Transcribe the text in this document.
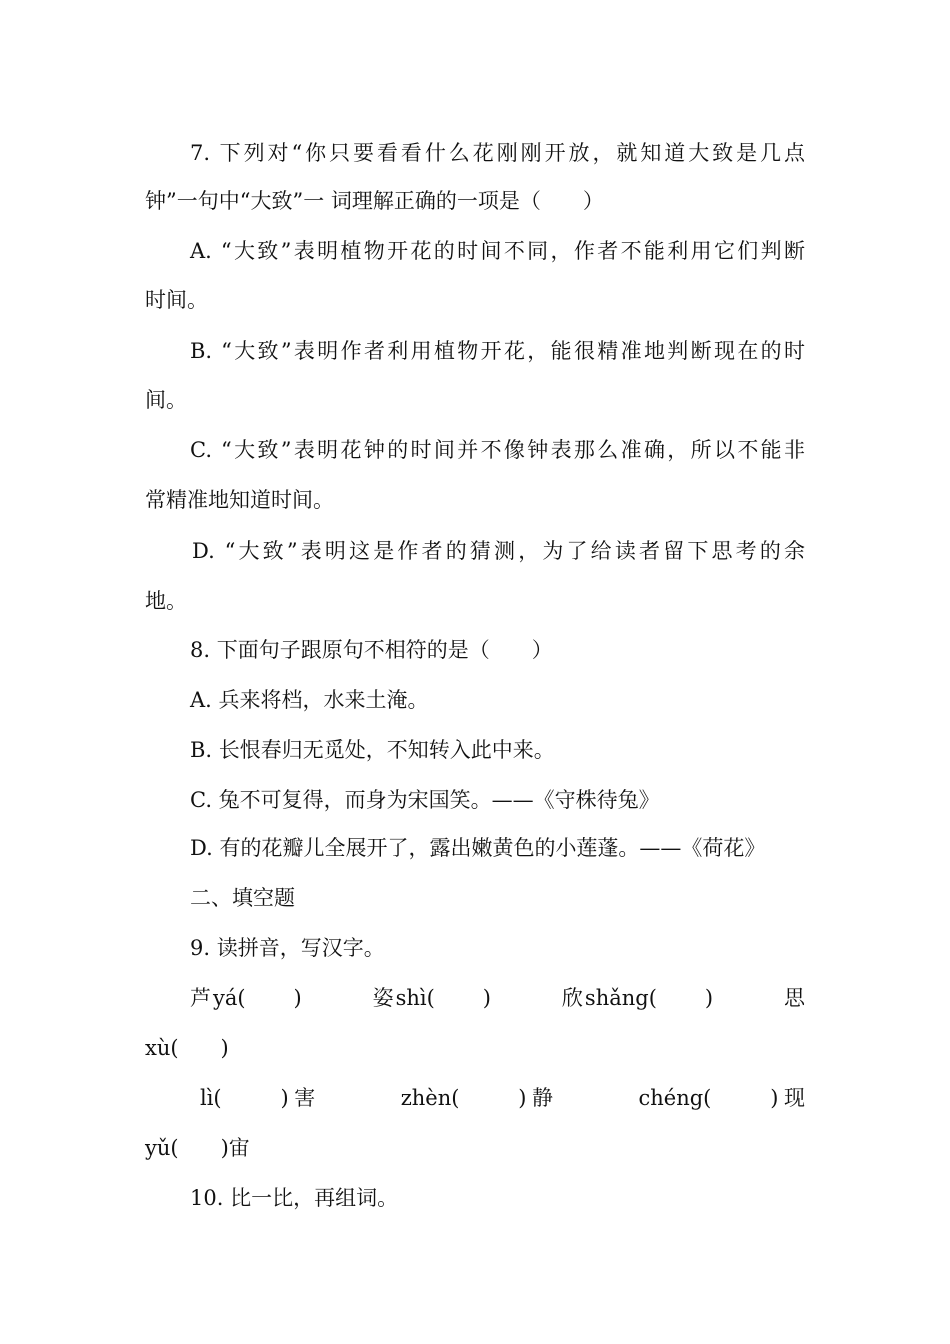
7. 下列对“你只要看看什么花刚刚开放，就知道大致是几点
钟”一句中“大致”一 词理解正确的一项是（　　）
A. “大致”表明植物开花的时间不同，作者不能利用它们判断
时间。
B. “大致”表明作者利用植物开花，能很精准地判断现在的时
间。
C. “大致”表明花钟的时间并不像钟表那么准确，所以不能非
常精准地知道时间。
D. “大致”表明这是作者的猜测，为了给读者留下思考的余
地。
8. 下面句子跟原句不相符的是（　　）
A. 兵来将档，水来土淹。
B. 长恨春归无觅处，不知转入此中来。
C. 兔不可复得，而身为宋国笑。——《守株待兔》
D. 有的花瓣儿全展开了，露出嫩黄色的小莲蓬。——《荷花》
二、填空题
9. 读拼音，写汉字。
芦yá(　　)　　　姿shì(　　)　　　欣shǎng(　　)　　　思
xù(　　)
lì(　　)害　　　zhèn(　　)静　　　chéng(　　)现
yǔ(　　)宙
10. 比一比，再组词。
